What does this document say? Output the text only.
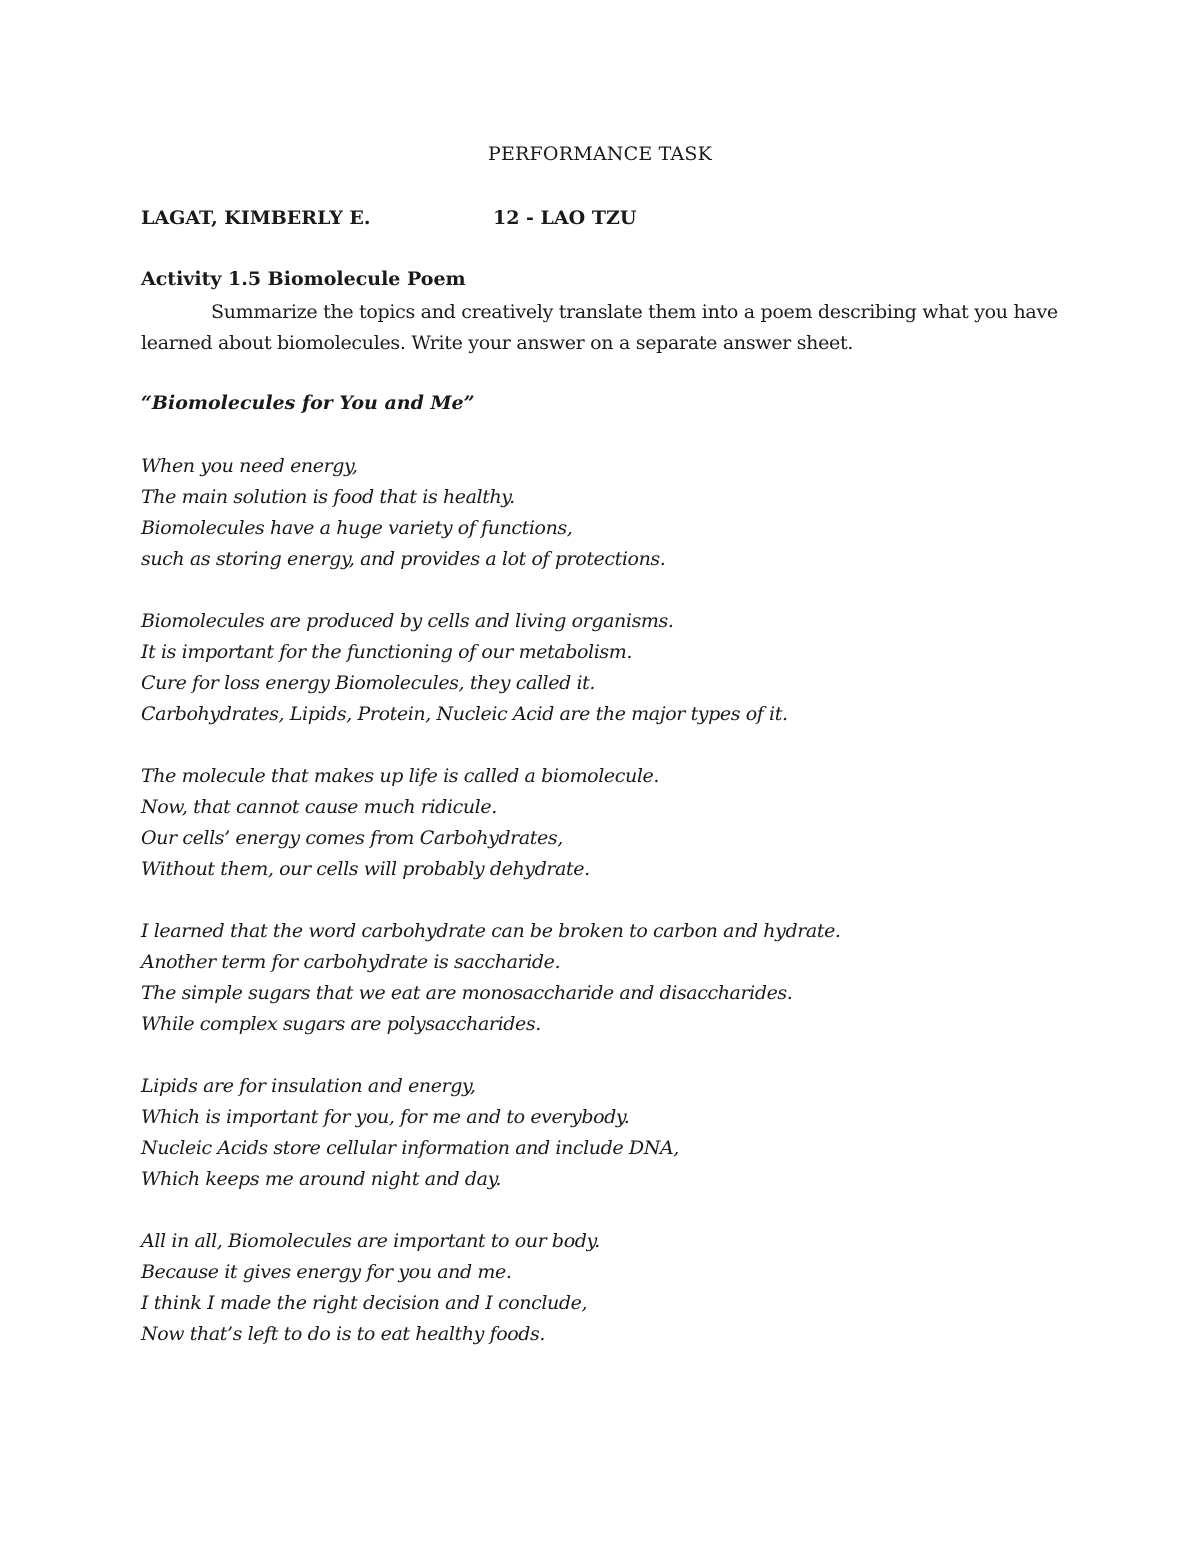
PERFORMANCE TASK
LAGAT, KIMBERLY E.	12 - LAO TZU
Activity 1.5 Biomolecule Poem
Summarize the topics and creatively translate them into a poem describing what you have learned about biomolecules. Write your answer on a separate answer sheet.
“Biomolecules for You and Me”
When you need energy,
The main solution is food that is healthy.
Biomolecules have a huge variety of functions,
such as storing energy, and provides a lot of protections.
Biomolecules are produced by cells and living organisms.
It is important for the functioning of our metabolism.
Cure for loss energy Biomolecules, they called it.
Carbohydrates, Lipids, Protein, Nucleic Acid are the major types of it.
The molecule that makes up life is called a biomolecule.
Now, that cannot cause much ridicule.
Our cells’ energy comes from Carbohydrates,
Without them, our cells will probably dehydrate.
I learned that the word carbohydrate can be broken to carbon and hydrate.
Another term for carbohydrate is saccharide.
The simple sugars that we eat are monosaccharide and disaccharides.
While complex sugars are polysaccharides.
Lipids are for insulation and energy,
Which is important for you, for me and to everybody.
Nucleic Acids store cellular information and include DNA,
Which keeps me around night and day.
All in all, Biomolecules are important to our body.
Because it gives energy for you and me.
I think I made the right decision and I conclude,
Now that’s left to do is to eat healthy foods.
